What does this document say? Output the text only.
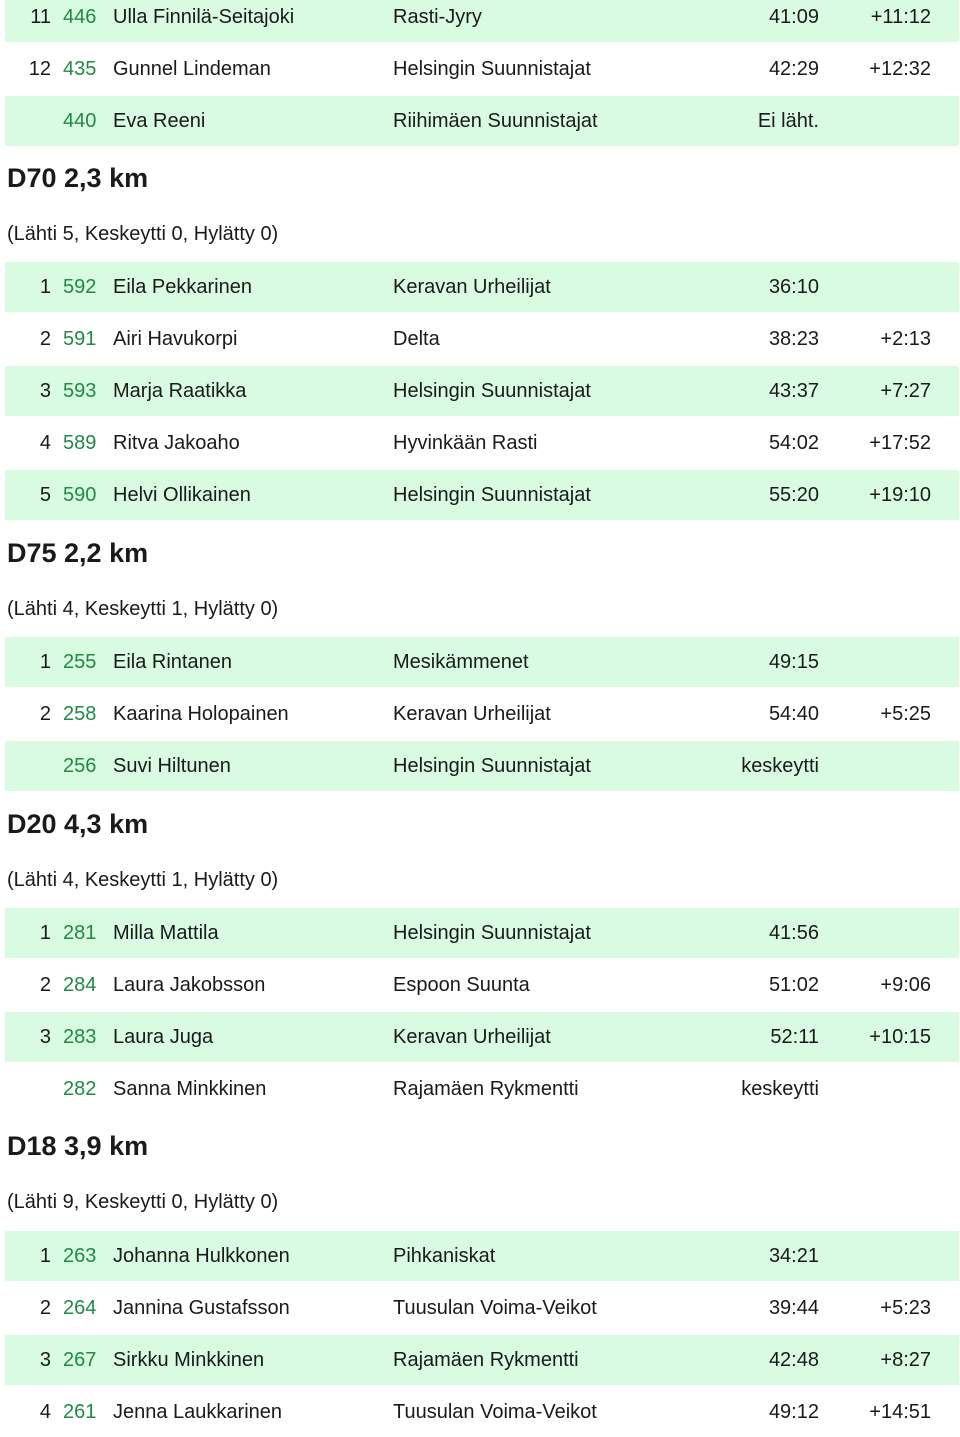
11 446 Ulla Finnilä-Seitajoki	Rasti-Jyry	41:09	+11:12
12 435 Gunnel Lindeman	Helsingin Suunnistajat	42:29	+12:32
440 Eva Reeni	Riihimäen Suunnistajat	Ei läht.
D70 2,3 km
(Lähti 5, Keskeytti 0, Hylätty 0)
1 592 Eila Pekkarinen	Keravan Urheilijat	36:10
2 591 Airi Havukorpi	Delta	38:23	+2:13
3 593 Marja Raatikka	Helsingin Suunnistajat	43:37	+7:27
4 589 Ritva Jakoaho	Hyvinkään Rasti	54:02	+17:52
5 590 Helvi Ollikainen	Helsingin Suunnistajat	55:20	+19:10
D75 2,2 km
(Lähti 4, Keskeytti 1, Hylätty 0)
1 255 Eila Rintanen	Mesikämmenet	49:15
2 258 Kaarina Holopainen	Keravan Urheilijat	54:40	+5:25
256 Suvi Hiltunen	Helsingin Suunnistajat	keskeytti
D20 4,3 km
(Lähti 4, Keskeytti 1, Hylätty 0)
1 281 Milla Mattila	Helsingin Suunnistajat	41:56
2 284 Laura Jakobsson	Espoon Suunta	51:02	+9:06
3 283 Laura Juga	Keravan Urheilijat	52:11	+10:15
282 Sanna Minkkinen	Rajamäen Rykmentti	keskeytti
D18 3,9 km
(Lähti 9, Keskeytti 0, Hylätty 0)
1 263 Johanna Hulkkonen	Pihkaniskat	34:21
2 264 Jannina Gustafsson	Tuusulan Voima-Veikot	39:44	+5:23
3 267 Sirkku Minkkinen	Rajamäen Rykmentti	42:48	+8:27
4 261 Jenna Laukkarinen	Tuusulan Voima-Veikot	49:12	+14:51
